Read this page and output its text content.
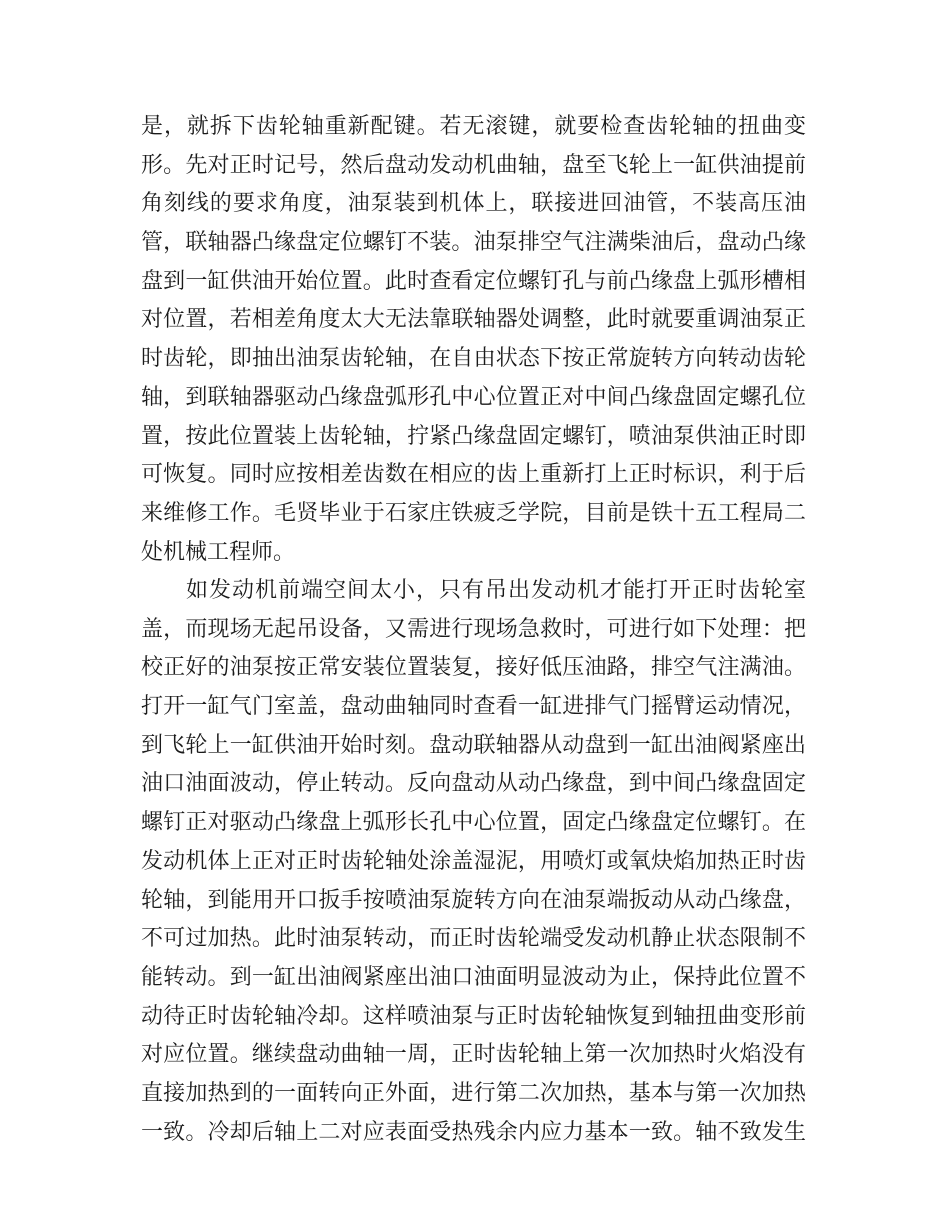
是，就拆下齿轮轴重新配键。若无滚键，就要检查齿轮轴的扭曲变
形。先对正时记号，然后盘动发动机曲轴，盘至飞轮上一缸供油提前
角刻线的要求角度，油泵装到机体上，联接进回油管，不装高压油
管，联轴器凸缘盘定位螺钉不装。油泵排空气注满柴油后，盘动凸缘
盘到一缸供油开始位置。此时查看定位螺钉孔与前凸缘盘上弧形槽相
对位置，若相差角度太大无法靠联轴器处调整，此时就要重调油泵正
时齿轮，即抽出油泵齿轮轴，在自由状态下按正常旋转方向转动齿轮
轴，到联轴器驱动凸缘盘弧形孔中心位置正对中间凸缘盘固定螺孔位
置，按此位置装上齿轮轴，拧紧凸缘盘固定螺钉，喷油泵供油正时即
可恢复。同时应按相差齿数在相应的齿上重新打上正时标识，利于后
来维修工作。毛贤毕业于石家庄铁疲乏学院，目前是铁十五工程局二
处机械工程师。
如发动机前端空间太小，只有吊出发动机才能打开正时齿轮室
盖，而现场无起吊设备，又需进行现场急救时，可进行如下处理：把
校正好的油泵按正常安装位置装复，接好低压油路，排空气注满油。
打开一缸气门室盖，盘动曲轴同时查看一缸进排气门摇臂运动情况，
到飞轮上一缸供油开始时刻。盘动联轴器从动盘到一缸出油阀紧座出
油口油面波动，停止转动。反向盘动从动凸缘盘，到中间凸缘盘固定
螺钉正对驱动凸缘盘上弧形长孔中心位置，固定凸缘盘定位螺钉。在
发动机体上正对正时齿轮轴处涂盖湿泥，用喷灯或氧炔焰加热正时齿
轮轴，到能用开口扳手按喷油泵旋转方向在油泵端扳动从动凸缘盘，
不可过加热。此时油泵转动，而正时齿轮端受发动机静止状态限制不
能转动。到一缸出油阀紧座出油口油面明显波动为止，保持此位置不
动待正时齿轮轴冷却。这样喷油泵与正时齿轮轴恢复到轴扭曲变形前
对应位置。继续盘动曲轴一周，正时齿轮轴上第一次加热时火焰没有
直接加热到的一面转向正外面，进行第二次加热，基本与第一次加热
一致。冷却后轴上二对应表面受热残余内应力基本一致。轴不致发生
